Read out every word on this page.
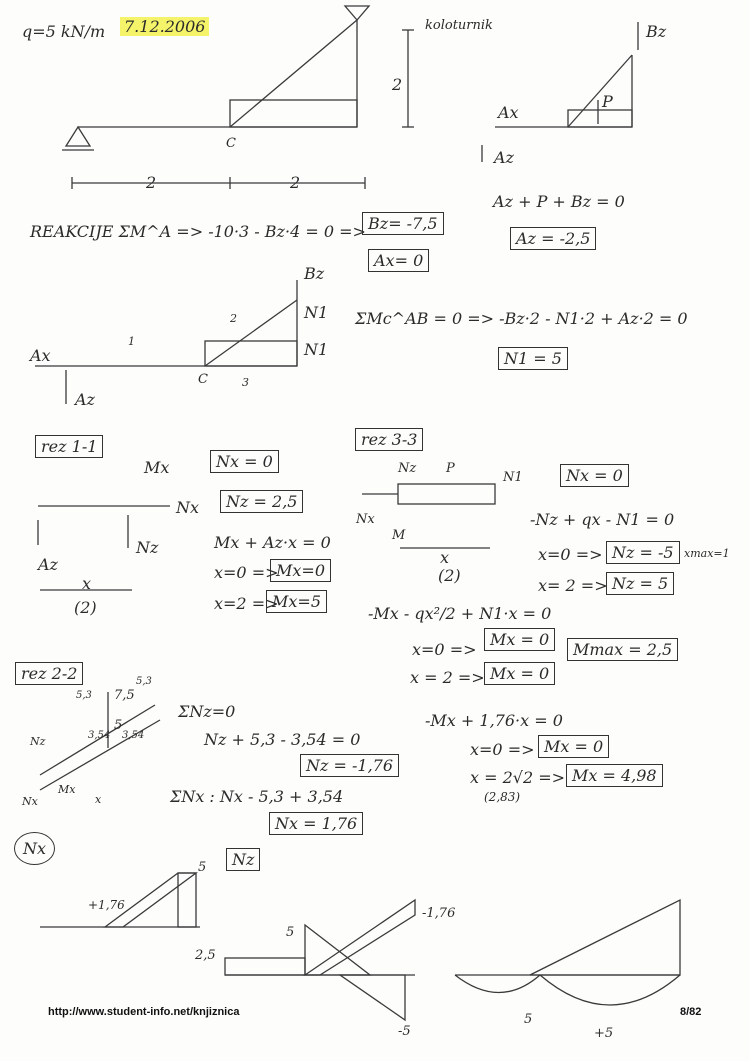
q=5 kN/m 7.12.2006	koloturnik
2
Bz
C
2	2
Ax
Az
P
REAKCIJE ΣM^A => -10·3 - Bz·4 = 0 => Bz= -7,5
Ax= 0
Az + P + Bz = 0
Az = -2,5
Ax
Az
C
Bz
N1
N1
1
2
3
ΣMc^AB = 0 => -Bz·2 - N1·2 + Az·2 = 0
N1 = 5
rez 1-1
Mx
Nx
Az
Nz
x
(2)
Nx = 0
Nz = 2,5
Mx + Az·x = 0
x=0 =>
Mx=0
x=2 =>
Mx=5
rez 3-3
Nz P
N1
Nx
M
x
(2)
Nx = 0
-Nz + qx - N1 = 0
x=0 => Nz = -5 xmax=1
x= 2 => Nz = 5
-Mx - qx²/2 + N1·x = 0
x=0 =>
Mx = 0
Mmax = 2,5
x = 2 => Mx = 0
rez 2-2
7,5
5
5,3
5,3
3,54
3,54
Nz
Nx
Mx
x
ΣNz=0
Nz + 5,3 - 3,54 = 0
Nz = -1,76
ΣNx : Nx - 5,3 + 3,54
Nx = 1,76
-Mx + 1,76·x = 0
x=0 => Mx = 0
x = 2√2 => Mx = 4,98
(2,83)
Nx
Nz
5
+1,76
-1,76
2,5
5
-5
5
+5
http://www.student-info.net/knjiznica	8/82
